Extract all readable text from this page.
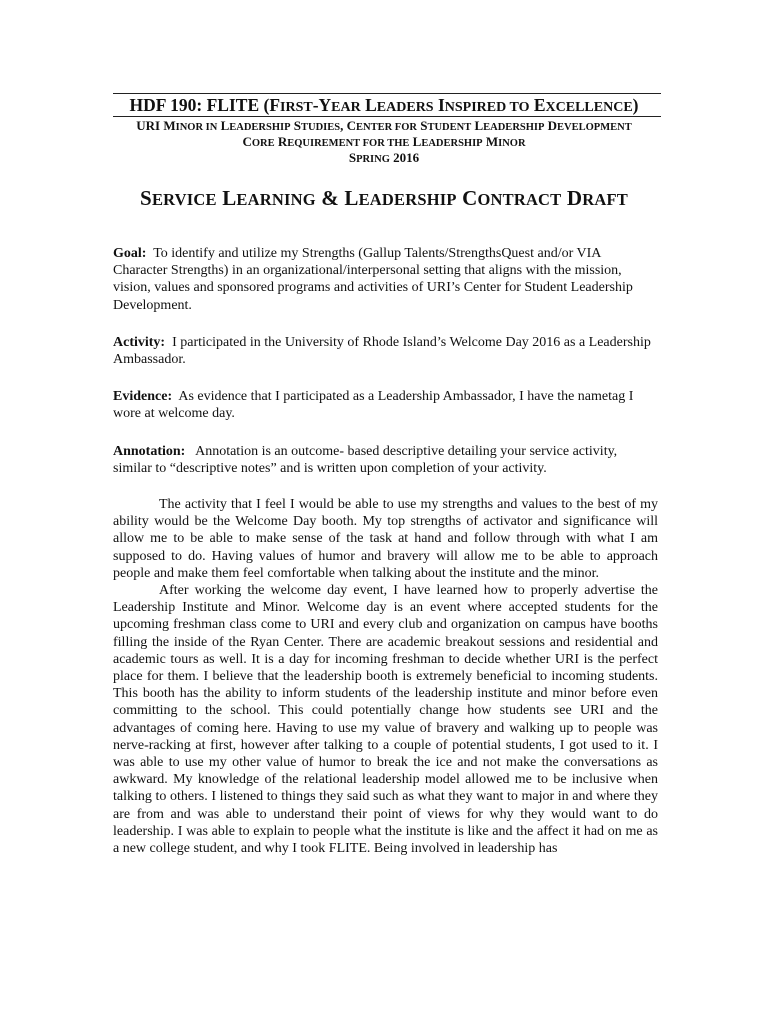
HDF 190: FLITE (FIRST-YEAR LEADERS INSPIRED TO EXCELLENCE)
URI MINOR IN LEADERSHIP STUDIES, CENTER FOR STUDENT LEADERSHIP DEVELOPMENT
CORE REQUIREMENT FOR THE LEADERSHIP MINOR
SPRING 2016
SERVICE LEARNING & LEADERSHIP CONTRACT DRAFT
Goal: To identify and utilize my Strengths (Gallup Talents/StrengthsQuest and/or VIA Character Strengths) in an organizational/interpersonal setting that aligns with the mission, vision, values and sponsored programs and activities of URI’s Center for Student Leadership Development.
Activity: I participated in the University of Rhode Island’s Welcome Day 2016 as a Leadership Ambassador.
Evidence: As evidence that I participated as a Leadership Ambassador, I have the nametag I wore at welcome day.
Annotation: Annotation is an outcome- based descriptive detailing your service activity, similar to “descriptive notes” and is written upon completion of your activity.

The activity that I feel I would be able to use my strengths and values to the best of my ability would be the Welcome Day booth. My top strengths of activator and significance will allow me to be able to make sense of the task at hand and follow through with what I am supposed to do. Having values of humor and bravery will allow me to be able to approach people and make them feel comfortable when talking about the institute and the minor.

After working the welcome day event, I have learned how to properly advertise the Leadership Institute and Minor. Welcome day is an event where accepted students for the upcoming freshman class come to URI and every club and organization on campus have booths filling the inside of the Ryan Center. There are academic breakout sessions and residential and academic tours as well. It is a day for incoming freshman to decide whether URI is the perfect place for them. I believe that the leadership booth is extremely beneficial to incoming students. This booth has the ability to inform students of the leadership institute and minor before even committing to the school. This could potentially change how students see URI and the advantages of coming here. Having to use my value of bravery and walking up to people was nerve-racking at first, however after talking to a couple of potential students, I got used to it. I was able to use my other value of humor to break the ice and not make the conversations as awkward. My knowledge of the relational leadership model allowed me to be inclusive when talking to others. I listened to things they said such as what they want to major in and where they are from and was able to understand their point of views for why they would want to do leadership. I was able to explain to people what the institute is like and the affect it had on me as a new college student, and why I took FLITE. Being involved in leadership has
